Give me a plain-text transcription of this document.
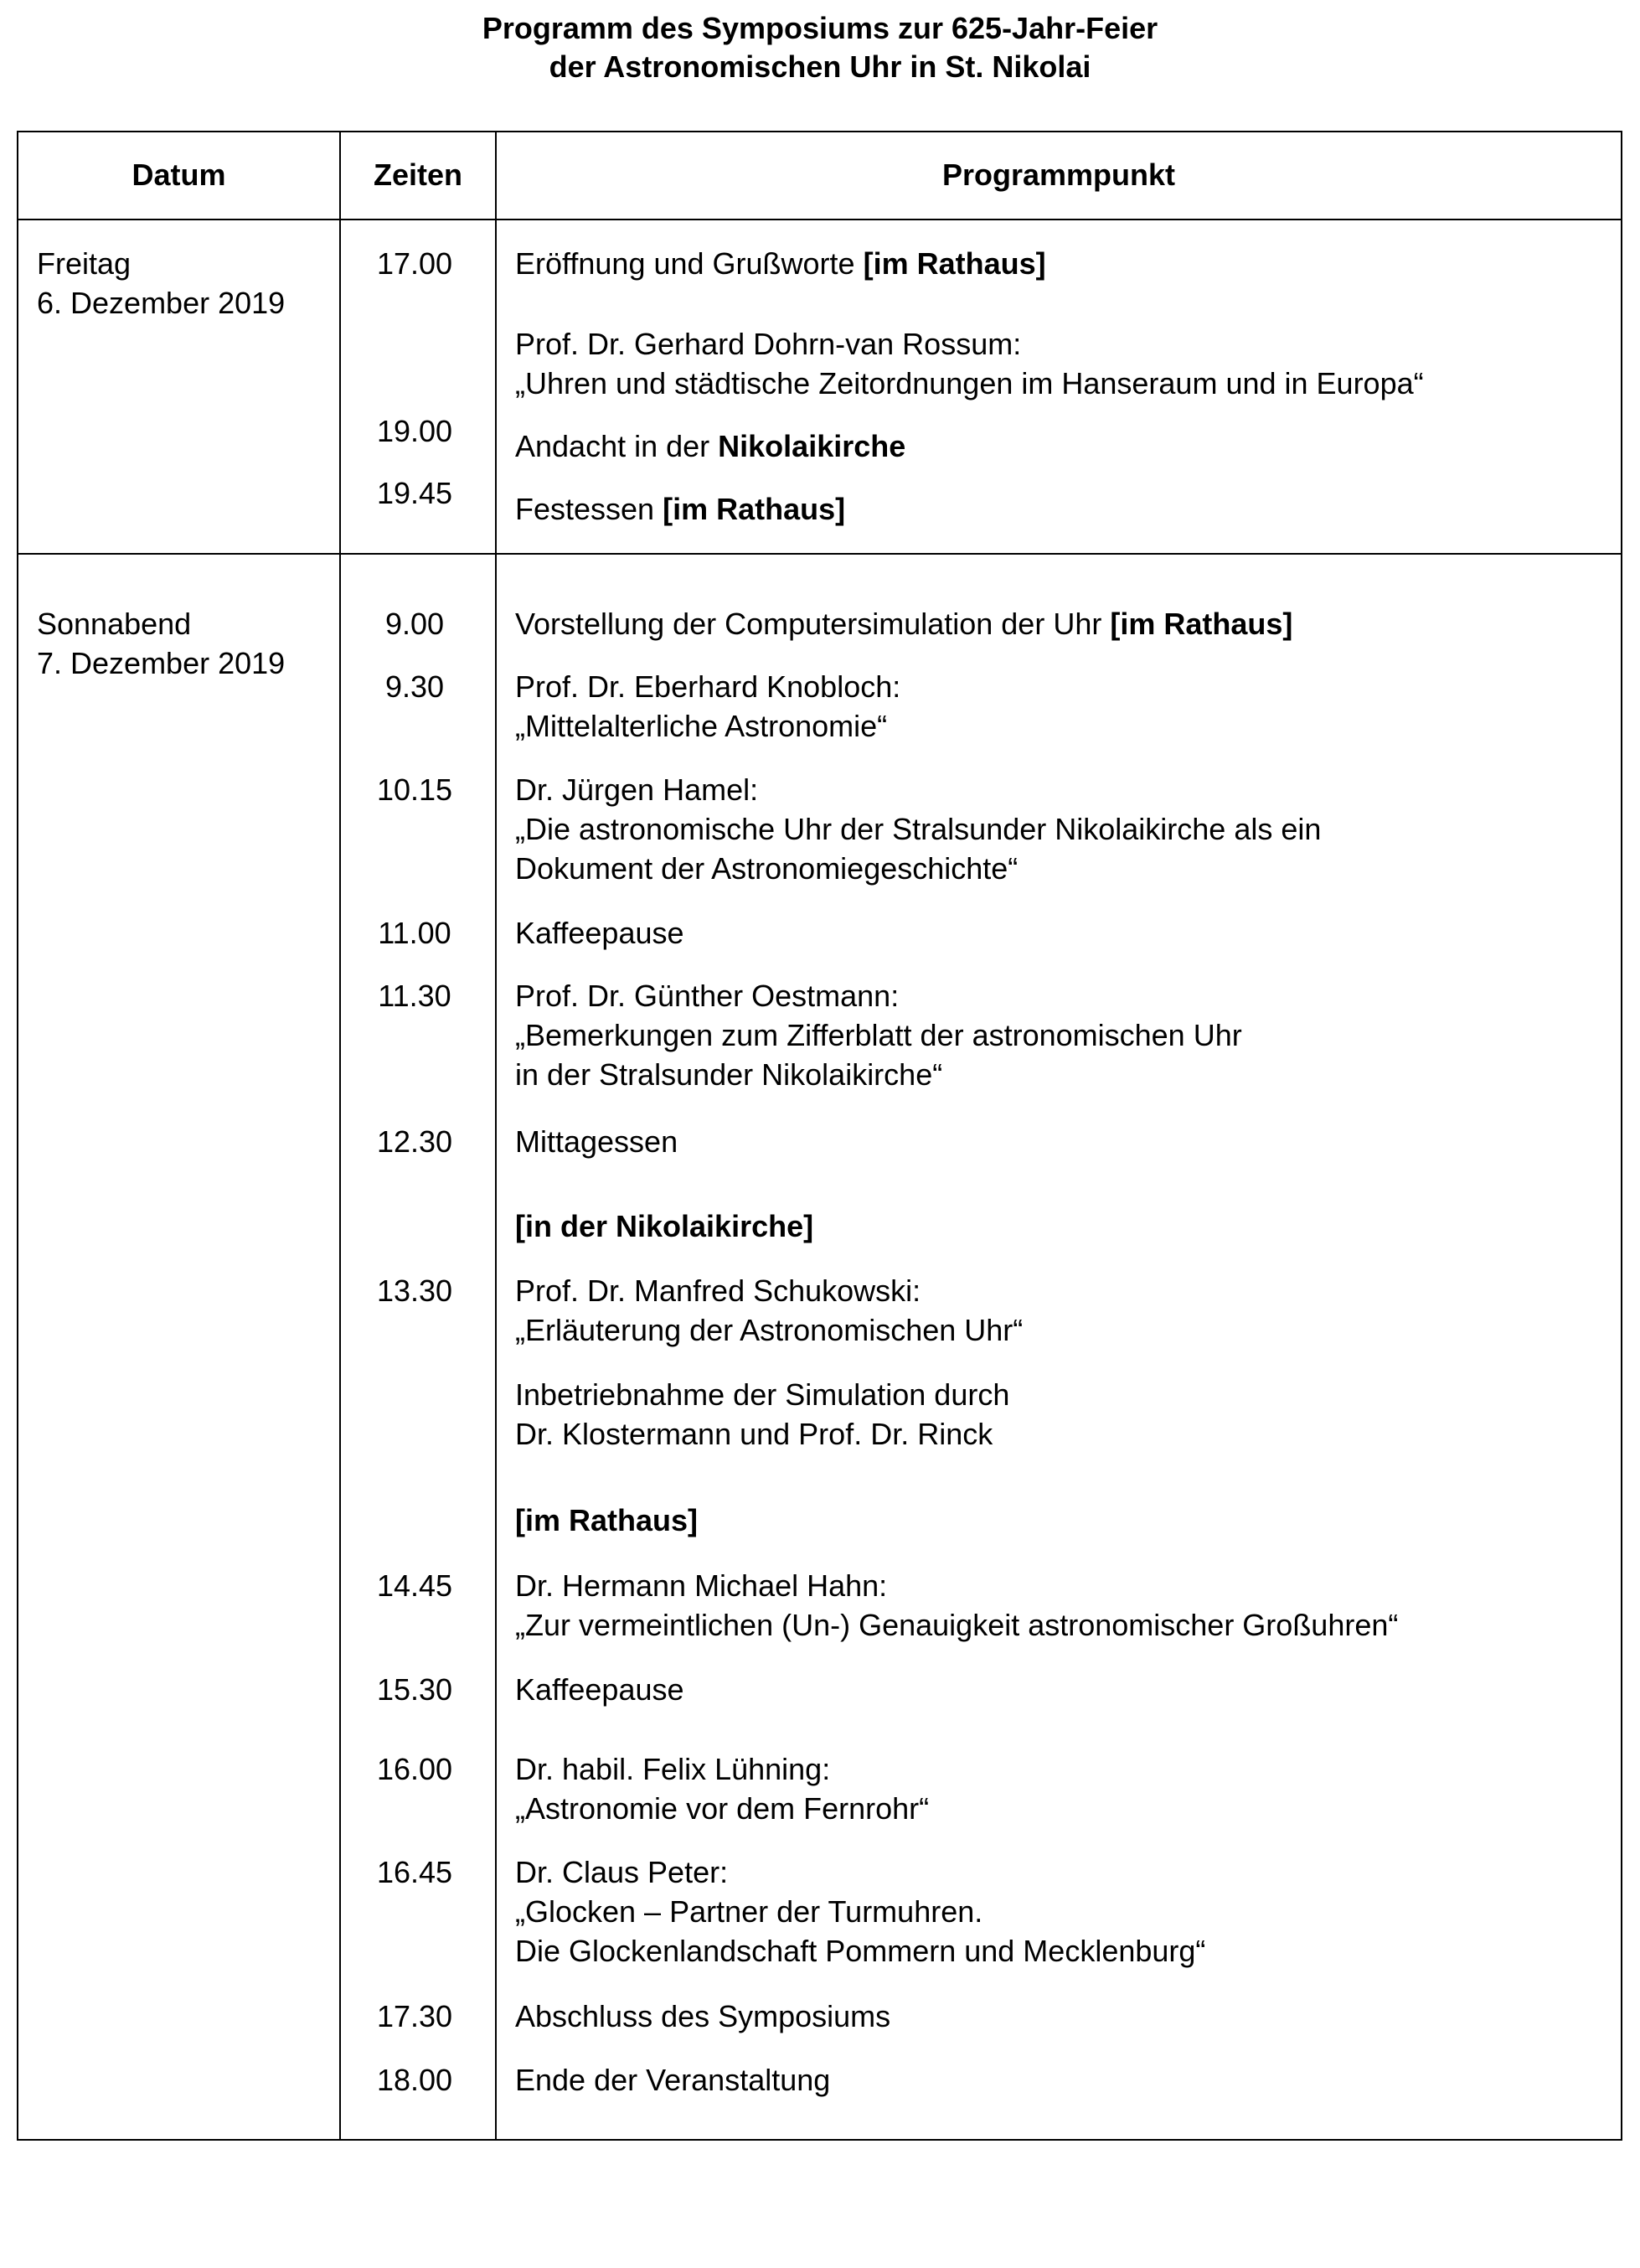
Programm des Symposiums zur 625-Jahr-Feier
der Astronomischen Uhr in St. Nikolai
Datum	Zeiten	Programmpunkt
Freitag
6. Dezember 2019
17.00
19.00
19.45
Eröffnung und Grußworte [im Rathaus]
Prof. Dr. Gerhard Dohrn-van Rossum:
„Uhren und städtische Zeitordnungen im Hanseraum und in Europa“
Andacht in der Nikolaikirche
Festessen [im Rathaus]
Sonnabend
7. Dezember 2019
9.00
9.30
10.15
11.00
11.30
12.30
13.30
14.45
15.30
16.00
16.45
17.30
18.00
Vorstellung der Computersimulation der Uhr [im Rathaus]
Prof. Dr. Eberhard Knobloch:
„Mittelalterliche Astronomie“
Dr. Jürgen Hamel:
„Die astronomische Uhr der Stralsunder Nikolaikirche als ein
Dokument der Astronomiegeschichte“
Kaffeepause
Prof. Dr. Günther Oestmann:
„Bemerkungen zum Zifferblatt der astronomischen Uhr
in der Stralsunder Nikolaikirche“
Mittagessen
[in der Nikolaikirche]
Prof. Dr. Manfred Schukowski:
„Erläuterung der Astronomischen Uhr“
Inbetriebnahme der Simulation durch
Dr. Klostermann und Prof. Dr. Rinck
[im Rathaus]
Dr. Hermann Michael Hahn:
„Zur vermeintlichen (Un-) Genauigkeit astronomischer Großuhren“
Kaffeepause
Dr. habil. Felix Lühning:
„Astronomie vor dem Fernrohr“
Dr. Claus Peter:
„Glocken – Partner der Turmuhren.
Die Glockenlandschaft Pommern und Mecklenburg“
Abschluss des Symposiums
Ende der Veranstaltung
